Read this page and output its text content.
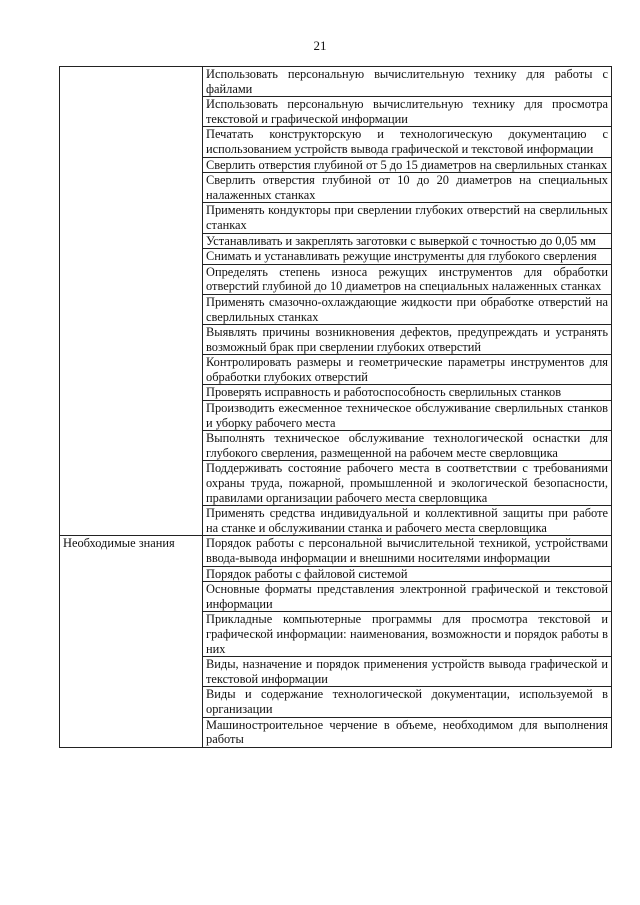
21
	Использовать персональную вычислительную технику для работы с файлами
	Использовать персональную вычислительную технику для просмотра текстовой и графической информации
	Печатать конструкторскую и технологическую документацию с использованием устройств вывода графической и текстовой информации
	Сверлить отверстия глубиной от 5 до 15 диаметров на сверлильных станках
	Сверлить отверстия глубиной от 10 до 20 диаметров на специальных налаженных станках
	Применять кондукторы при сверлении глубоких отверстий на сверлильных станках
	Устанавливать и закреплять заготовки с выверкой с точностью до 0,05 мм
	Снимать и устанавливать режущие инструменты для глубокого сверления
	Определять степень износа режущих инструментов для обработки отверстий глубиной до 10 диаметров на специальных налаженных станках
	Применять смазочно-охлаждающие жидкости при обработке отверстий на сверлильных станках
	Выявлять причины возникновения дефектов, предупреждать и устранять возможный брак при сверлении глубоких отверстий
	Контролировать размеры и геометрические параметры инструментов для обработки глубоких отверстий
	Проверять исправность и работоспособность сверлильных станков
	Производить ежесменное техническое обслуживание сверлильных станков и уборку рабочего места
	Выполнять техническое обслуживание технологической оснастки для глубокого сверления, размещенной на рабочем месте сверловщика
	Поддерживать состояние рабочего места в соответствии с требованиями охраны труда, пожарной, промышленной и экологической безопасности, правилами организации рабочего места сверловщика
	Применять средства индивидуальной и коллективной защиты при работе на станке и обслуживании станка и рабочего места сверловщика
Необходимые знания	Порядок работы с персональной вычислительной техникой, устройствами ввода-вывода информации и внешними носителями информации
	Порядок работы с файловой системой
	Основные форматы представления электронной графической и текстовой информации
	Прикладные компьютерные программы для просмотра текстовой и графической информации: наименования, возможности и порядок работы в них
	Виды, назначение и порядок применения устройств вывода графической и текстовой информации
	Виды и содержание технологической документации, используемой в организации
	Машиностроительное черчение в объеме, необходимом для выполнения работы
